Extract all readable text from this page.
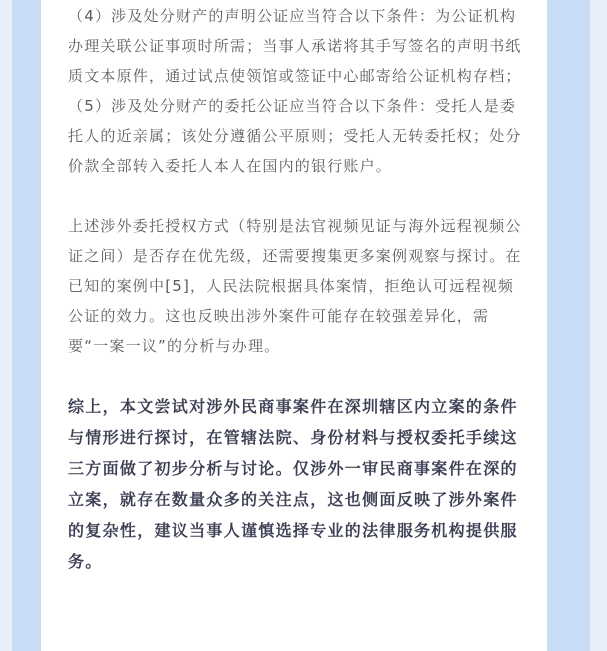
（4）涉及处分财产的声明公证应当符合以下条件：为公证机构办理关联公证事项时所需；当事人承诺将其手写签名的声明书纸质文本原件，通过试点使领馆或签证中心邮寄给公证机构存档；

（5）涉及处分财产的委托公证应当符合以下条件：受托人是委托人的近亲属；该处分遵循公平原则；受托人无转委托权；处分价款全部转入委托人本人在国内的银行账户。

上述涉外委托授权方式（特别是法官视频见证与海外远程视频公证之间）是否存在优先级，还需要搜集更多案例观察与探讨。在已知的案例中[5]，人民法院根据具体案情，拒绝认可远程视频公证的效力。这也反映出涉外案件可能存在较强差异化，需要“一案一议”的分析与办理。

综上，本文尝试对涉外民商事案件在深圳辖区内立案的条件与情形进行探讨，在管辖法院、身份材料与授权委托手续这三方面做了初步分析与讨论。仅涉外一审民商事案件在深的立案，就存在数量众多的关注点，这也侧面反映了涉外案件的复杂性，建议当事人谨慎选择专业的法律服务机构提供服务。
